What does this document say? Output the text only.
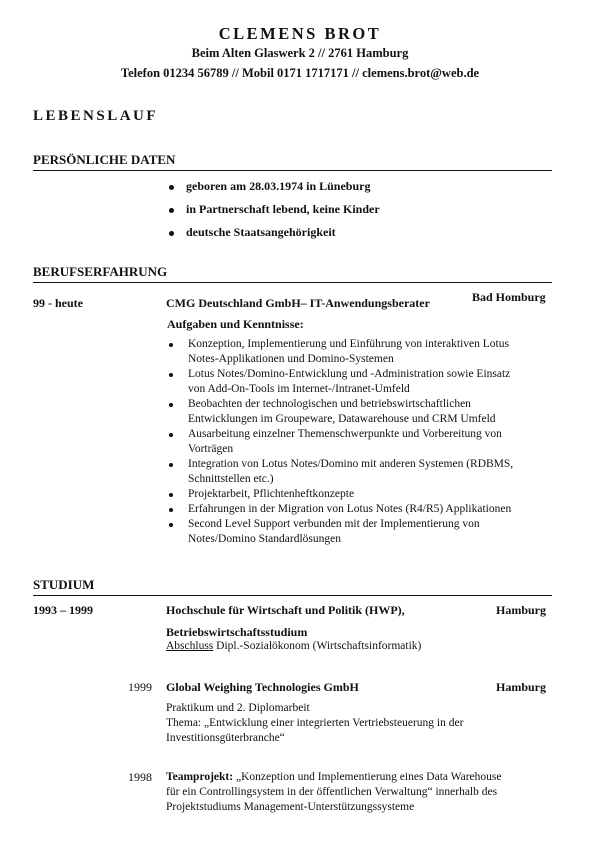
CLEMENS BROT
Beim Alten Glaswerk 2 // 2761 Hamburg
Telefon 01234 56789 // Mobil 0171 1717171 // clemens.brot@web.de
LEBENSLAUF
PERSÖNLICHE DATEN
geboren am 28.03.1974 in Lüneburg
in Partnerschaft lebend, keine Kinder
deutsche Staatsangehörigkeit
BERUFSERFAHRUNG
99 - heute	CMG Deutschland GmbH– IT-Anwendungsberater	Bad Homburg
Aufgaben und Kenntnisse:
Konzeption, Implementierung und Einführung von interaktiven Lotus
Notes-Applikationen und Domino-Systemen
Lotus Notes/Domino-Entwicklung und -Administration sowie Einsatz
von Add-On-Tools im Internet-/Intranet-Umfeld
Beobachten der technologischen und betriebswirtschaftlichen
Entwicklungen im Groupeware, Datawarehouse und CRM Umfeld
Ausarbeitung einzelner Themenschwerpunkte und Vorbereitung von
Vorträgen
Integration von Lotus Notes/Domino mit anderen Systemen (RDBMS,
Schnittstellen etc.)
Projektarbeit, Pflichtenheftkonzepte
Erfahrungen in der Migration von Lotus Notes (R4/R5) Applikationen
Second Level Support verbunden mit der Implementierung von
Notes/Domino Standardlösungen
STUDIUM
1993 – 1999	Hochschule für Wirtschaft und Politik (HWP),	Hamburg
Betriebswirtschaftsstudium
Abschluss Dipl.-Sozialökonom (Wirtschaftsinformatik)
1999 Global Weighing Technologies GmbH	Hamburg
Praktikum und 2. Diplomarbeit
Thema: „Entwicklung einer integrierten Vertriebsteuerung in der
Investitionsgüterbranche“
1998 Teamprojekt: „Konzeption und Implementierung eines Data Warehouse
für ein Controllingsystem in der öffentlichen Verwaltung“ innerhalb des
Projektstudiums Management-Unterstützungssysteme
